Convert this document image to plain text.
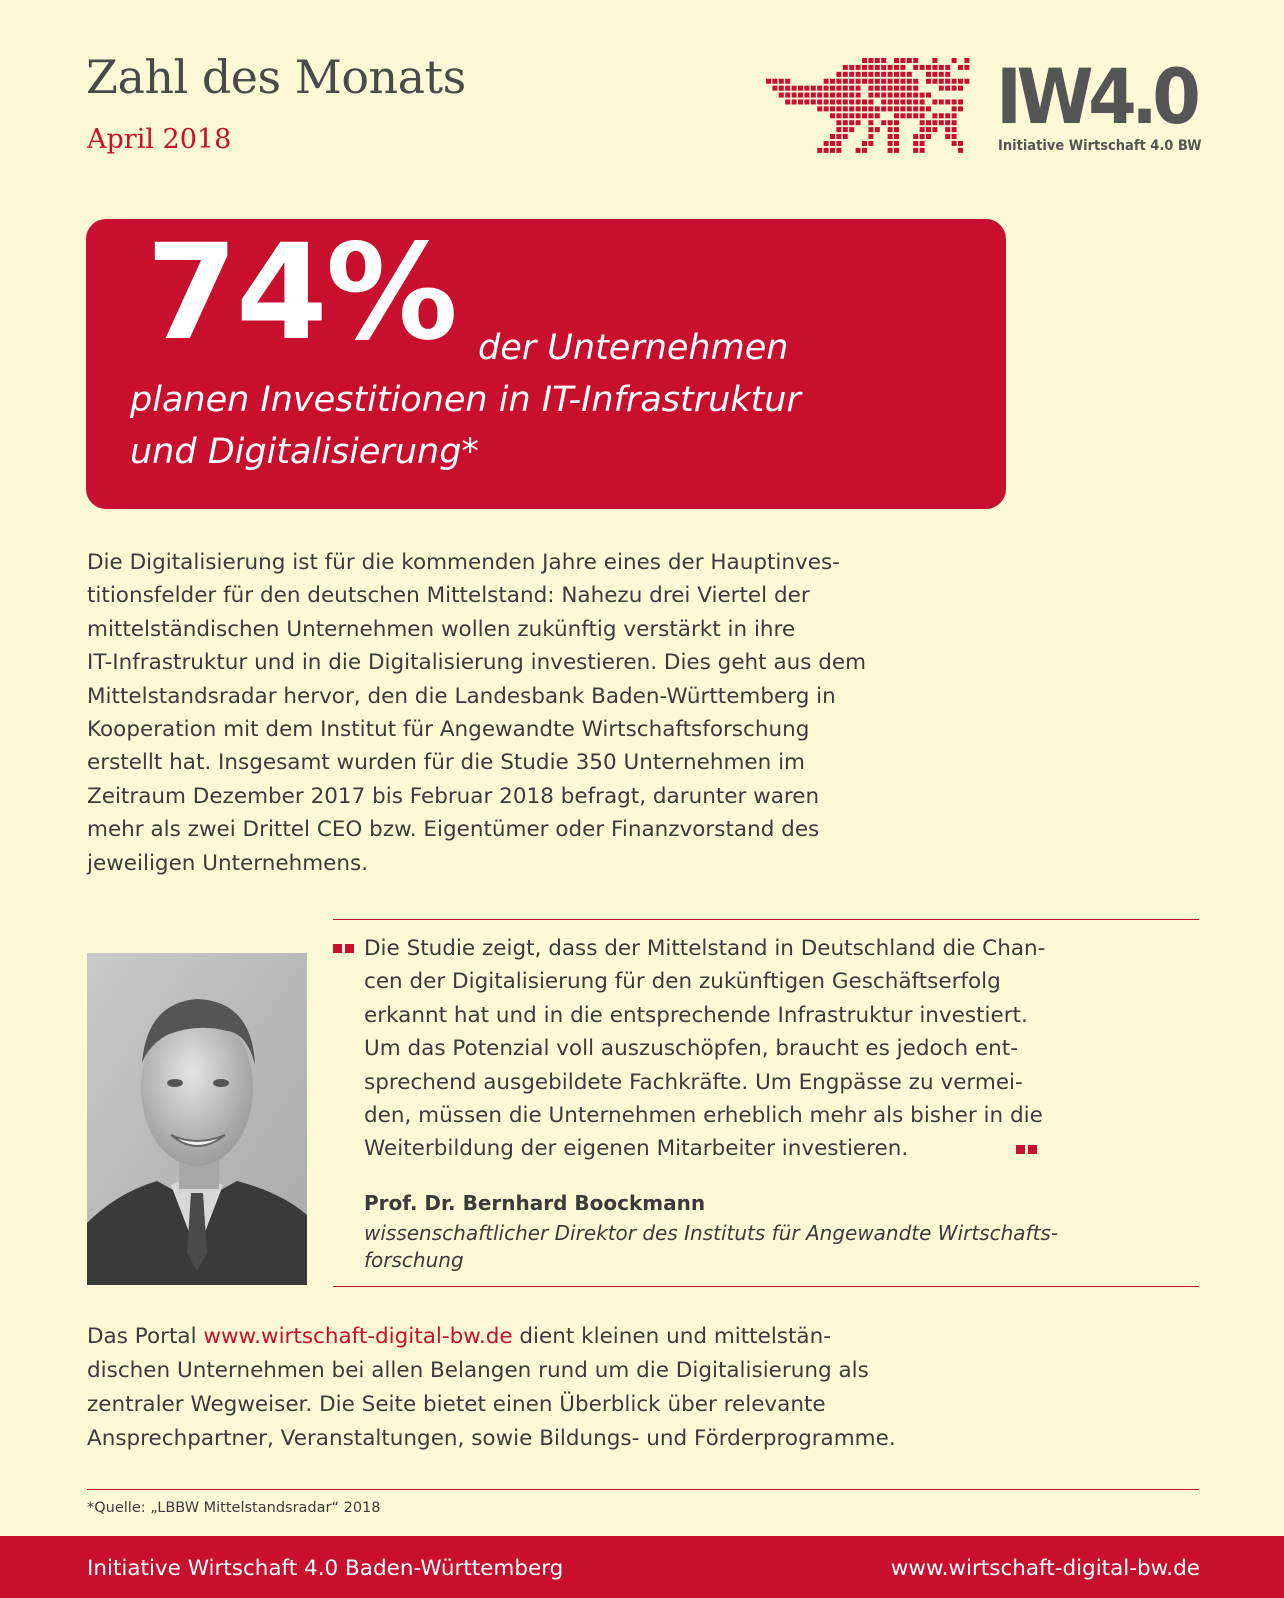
Zahl des Monats
April 2018	IW4.0
Initiative Wirtschaft 4.0 BW
74% der Unternehmen
planen Investitionen in IT-Infrastruktur
und Digitalisierung*

Die Digitalisierung ist für die kommenden Jahre eines der Hauptinves-
titionsfelder für den deutschen Mittelstand: Nahezu drei Viertel der
mittelständischen Unternehmen wollen zukünftig verstärkt in ihre
IT-Infrastruktur und in die Digitalisierung investieren. Dies geht aus dem
Mittelstandsradar hervor, den die Landesbank Baden-Württemberg in
Kooperation mit dem Institut für Angewandte Wirtschaftsforschung
erstellt hat. Insgesamt wurden für die Studie 350 Unternehmen im
Zeitraum Dezember 2017 bis Februar 2018 befragt, darunter waren
mehr als zwei Drittel CEO bzw. Eigentümer oder Finanzvorstand des
jeweiligen Unternehmens.

Die Studie zeigt, dass der Mittelstand in Deutschland die Chan-
cen der Digitalisierung für den zukünftigen Geschäftserfolg
erkannt hat und in die entsprechende Infrastruktur investiert.
Um das Potenzial voll auszuschöpfen, braucht es jedoch ent-
sprechend ausgebildete Fachkräfte. Um Engpässe zu vermei-
den, müssen die Unternehmen erheblich mehr als bisher in die
Weiterbildung der eigenen Mitarbeiter investieren.

Prof. Dr. Bernhard Boockmann

wissenschaftlicher Direktor des Instituts für Angewandte Wirtschafts-
forschung

Das Portal www.wirtschaft-digital-bw.de dient kleinen und mittelstän-
dischen Unternehmen bei allen Belangen rund um die Digitalisierung als
zentraler Wegweiser. Die Seite bietet einen Überblick über relevante
Ansprechpartner, Veranstaltungen, sowie Bildungs- und Förderprogramme.

*Quelle: „LBBW Mittelstandsradar“ 2018
Initiative Wirtschaft 4.0 Baden-Württemberg	www.wirtschaft-digital-bw.de
